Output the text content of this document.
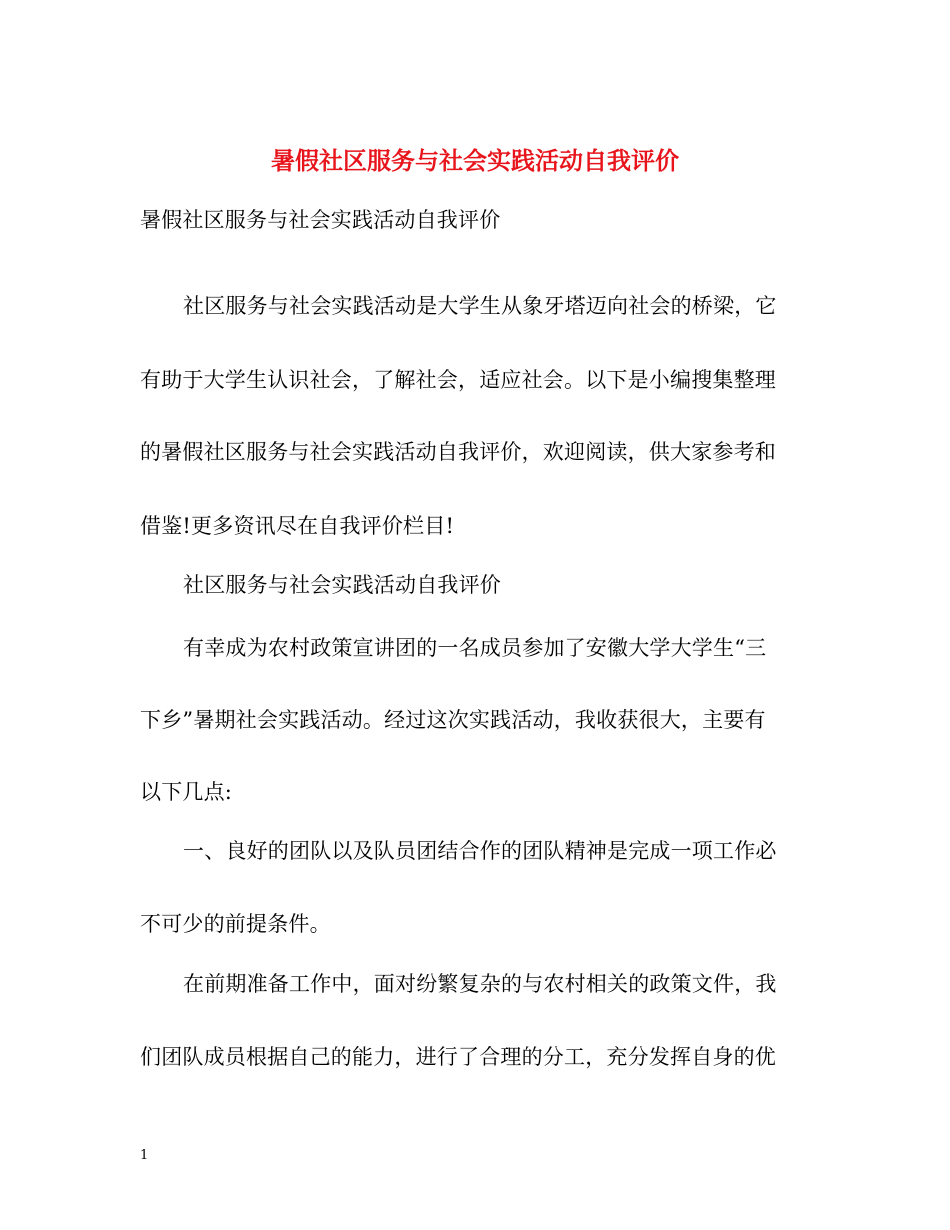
暑假社区服务与社会实践活动自我评价
暑假社区服务与社会实践活动自我评价
社区服务与社会实践活动是大学生从象牙塔迈向社会的桥梁，它
有助于大学生认识社会，了解社会，适应社会。以下是小编搜集整理
的暑假社区服务与社会实践活动自我评价，欢迎阅读，供大家参考和
借鉴!更多资讯尽在自我评价栏目!
社区服务与社会实践活动自我评价
有幸成为农村政策宣讲团的一名成员参加了安徽大学大学生“三
下乡”暑期社会实践活动。经过这次实践活动，我收获很大，主要有
以下几点:
一、良好的团队以及队员团结合作的团队精神是完成一项工作必
不可少的前提条件。
在前期准备工作中，面对纷繁复杂的与农村相关的政策文件，我
们团队成员根据自己的能力，进行了合理的分工，充分发挥自身的优
1
